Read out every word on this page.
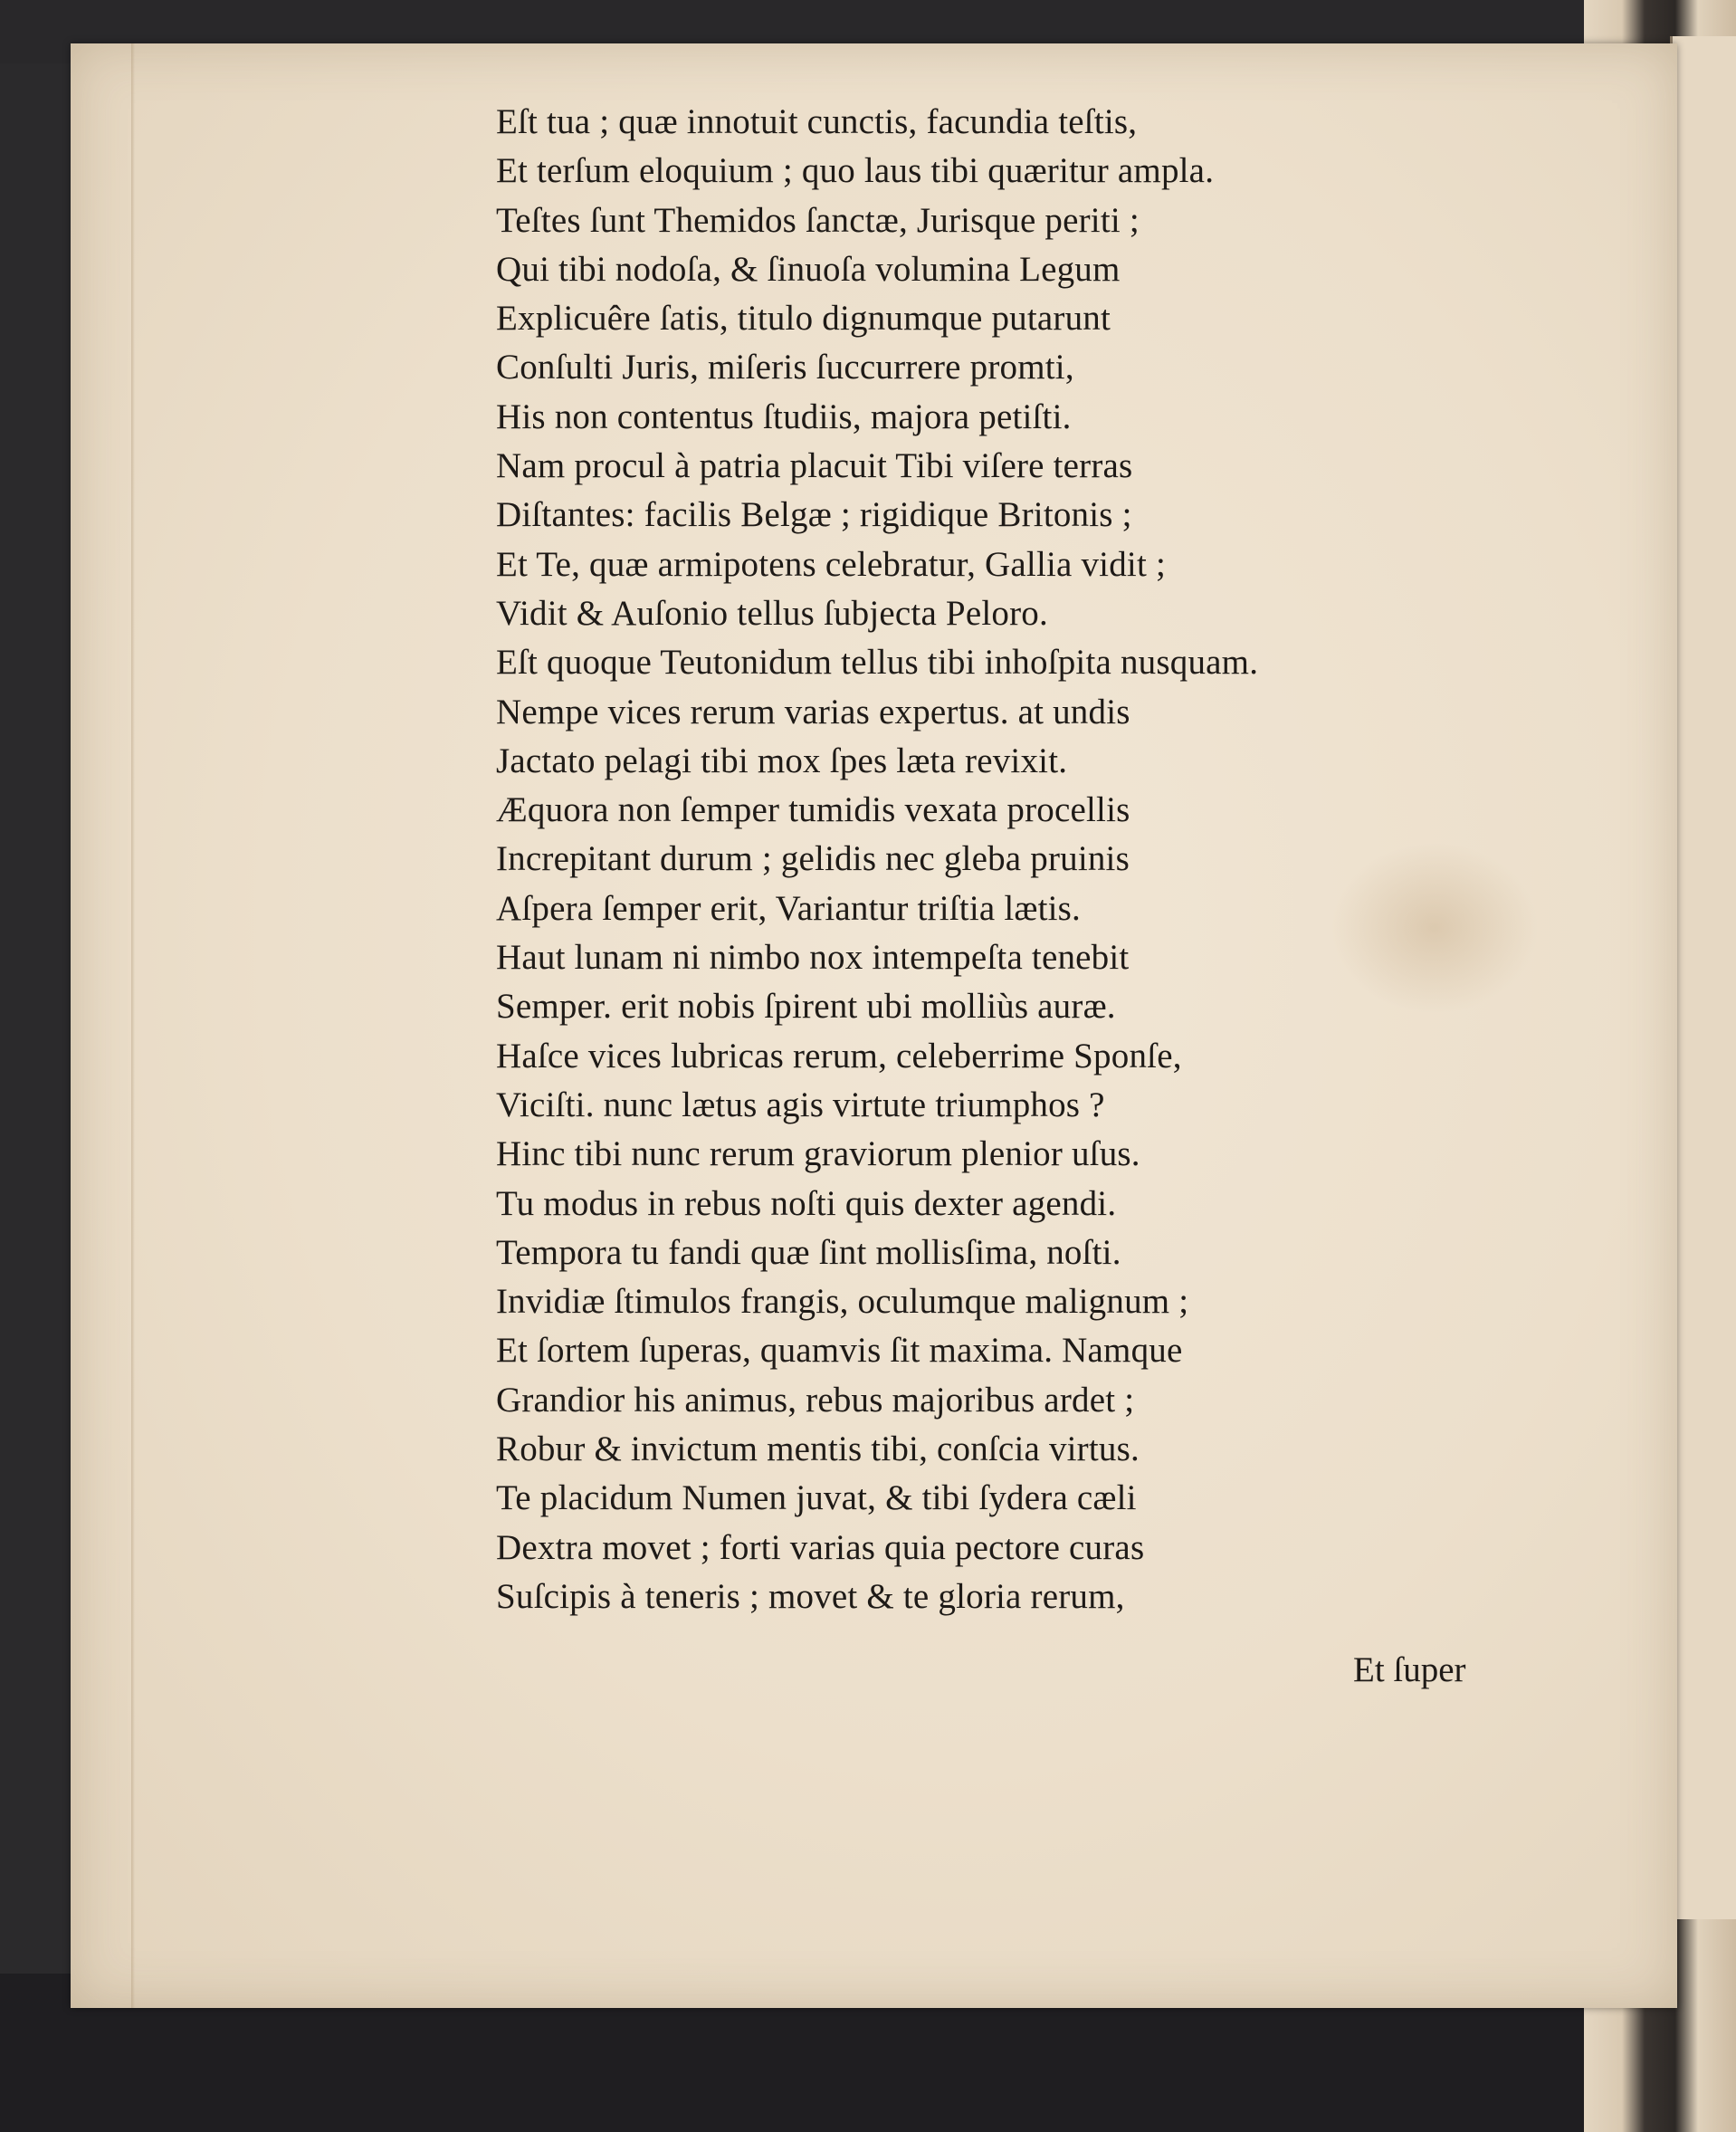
Eſt tua ; quæ innotuit cunctis, facundia teſtis,
Et terſum eloquium ; quo laus tibi quæritur ampla.
Teſtes ſunt Themidos ſanctæ, Jurisque periti ;
Qui tibi nodoſa, & ſinuoſa volumina Legum
Explicuêre ſatis, titulo dignumque putarunt
Conſulti Juris, miſeris ſuccurrere promti,
His non contentus ſtudiis, majora petiſti.
Nam procul à patria placuit Tibi viſere terras
Diſtantes: facilis Belgæ ; rigidique Britonis ;
Et Te, quæ armipotens celebratur, Gallia vidit ;
Vidit & Auſonio tellus ſubjecta Peloro.
Eſt quoque Teutonidum tellus tibi inhoſpita nusquam.
Nempe vices rerum varias expertus. at undis
Jactato pelagi tibi mox ſpes læta revixit.
Æquora non ſemper tumidis vexata procellis
Increpitant durum ; gelidis nec gleba pruinis
Aſpera ſemper erit, Variantur triſtia lætis.
Haut lunam ni nimbo nox intempeſta tenebit
Semper. erit nobis ſpirent ubi molliùs auræ.
Haſce vices lubricas rerum, celeberrime Sponſe,
Viciſti. nunc lætus agis virtute triumphos ?
Hinc tibi nunc rerum graviorum plenior uſus.
Tu modus in rebus noſti quis dexter agendi.
Tempora tu fandi quæ ſint mollisſima, noſti.
Invidiæ ſtimulos frangis, oculumque malignum ;
Et ſortem ſuperas, quamvis ſit maxima. Namque
Grandior his animus, rebus majoribus ardet ;
Robur & invictum mentis tibi, conſcia virtus.
Te placidum Numen juvat, & tibi ſydera cæli
Dextra movet ; forti varias quia pectore curas
Suſcipis à teneris ; movet & te gloria rerum,
Et ſuper
